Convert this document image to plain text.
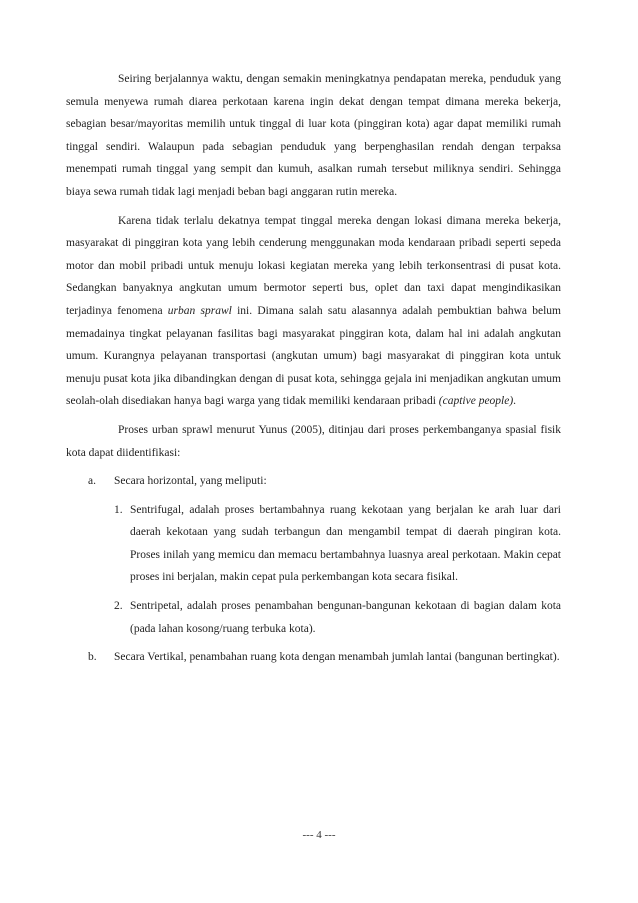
Seiring berjalannya waktu, dengan semakin meningkatnya pendapatan mereka, penduduk yang semula menyewa rumah diarea perkotaan karena ingin dekat dengan tempat dimana mereka bekerja, sebagian besar/mayoritas memilih untuk tinggal di luar kota (pinggiran kota) agar dapat memiliki rumah tinggal sendiri. Walaupun pada sebagian penduduk yang berpenghasilan rendah dengan terpaksa menempati rumah tinggal yang sempit dan kumuh, asalkan rumah tersebut miliknya sendiri. Sehingga biaya sewa rumah tidak lagi menjadi beban bagi anggaran rutin mereka.

Karena tidak terlalu dekatnya tempat tinggal mereka dengan lokasi dimana mereka bekerja, masyarakat di pinggiran kota yang lebih cenderung menggunakan moda kendaraan pribadi seperti sepeda motor dan mobil pribadi untuk menuju lokasi kegiatan mereka yang lebih terkonsentrasi di pusat kota. Sedangkan banyaknya angkutan umum bermotor seperti bus, oplet dan taxi dapat mengindikasikan terjadinya fenomena urban sprawl ini. Dimana salah satu alasannya adalah pembuktian bahwa belum memadainya tingkat pelayanan fasilitas bagi masyarakat pinggiran kota, dalam hal ini adalah angkutan umum. Kurangnya pelayanan transportasi (angkutan umum) bagi masyarakat di pinggiran kota untuk menuju pusat kota jika dibandingkan dengan di pusat kota, sehingga gejala ini menjadikan angkutan umum seolah-olah disediakan hanya bagi warga yang tidak memiliki kendaraan pribadi (captive people).

Proses urban sprawl menurut Yunus (2005), ditinjau dari proses perkembanganya spasial fisik kota dapat diidentifikasi:

a. Secara horizontal, yang meliputi:
1. Sentrifugal, adalah proses bertambahnya ruang kekotaan yang berjalan ke arah luar dari daerah kekotaan yang sudah terbangun dan mengambil tempat di daerah pingiran kota. Proses inilah yang memicu dan memacu bertambahnya luasnya areal perkotaan. Makin cepat proses ini berjalan, makin cepat pula perkembangan kota secara fisikal.
2. Sentripetal, adalah proses penambahan bengunan-bangunan kekotaan di bagian dalam kota (pada lahan kosong/ruang terbuka kota).
b. Secara Vertikal, penambahan ruang kota dengan menambah jumlah lantai (bangunan bertingkat).
--- 4 ---
